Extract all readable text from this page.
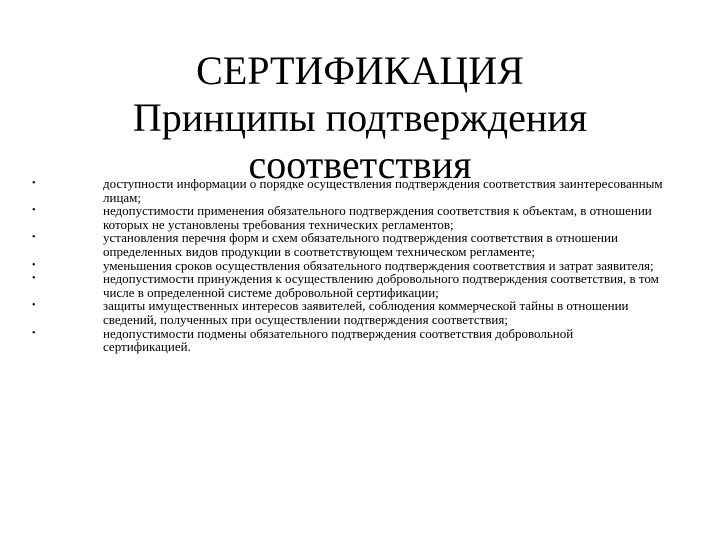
СЕРТИФИКАЦИЯ
Принципы подтверждения
соответствия
•	доступности информации о порядке осуществления подтверждения соответствия заинтересованным лицам;
•	недопустимости применения обязательного подтверждения соответствия к объектам, в отношении которых не установлены требования технических регламентов;
•	установления перечня форм и схем обязательного подтверждения соответствия в отношении определенных видов продукции в соответствующем техническом регламенте;
•	уменьшения сроков осуществления обязательного подтверждения соответствия и затрат заявителя;
•	недопустимости принуждения к осуществлению добровольного подтверждения соответствия, в том числе в определенной системе добровольной сертификации;
•	защиты имущественных интересов заявителей, соблюдения коммерческой тайны в отношении сведений, полученных при осуществлении подтверждения соответствия;
•	недопустимости подмены обязательного подтверждения соответствия добровольной сертификацией.
